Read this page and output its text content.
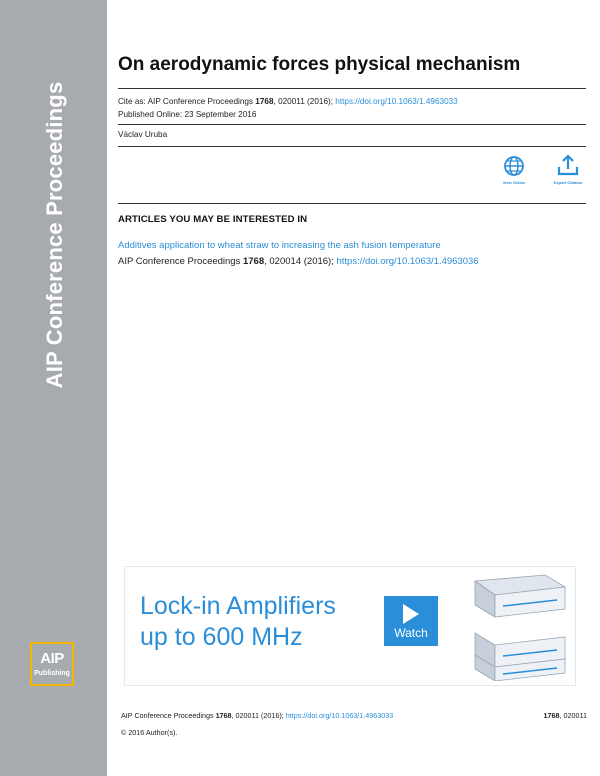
AIP Conference Proceedings
AIP
Publishing
On aerodynamic forces physical mechanism
Cite as: AIP Conference Proceedings 1768, 020011 (2016); https://doi.org/10.1063/1.4963033
Published Online: 23 September 2016
Václav Uruba
View Online	Export Citation
ARTICLES YOU MAY BE INTERESTED IN
Additives application to wheat straw to increasing the ash fusion temperature
AIP Conference Proceedings 1768, 020014 (2016); https://doi.org/10.1063/1.4963036
Lock-in Amplifiers
up to 600 MHz	Watch
AIP Conference Proceedings 1768, 020011 (2016); https://doi.org/10.1063/1.4963033	1768, 020011
© 2016 Author(s).
